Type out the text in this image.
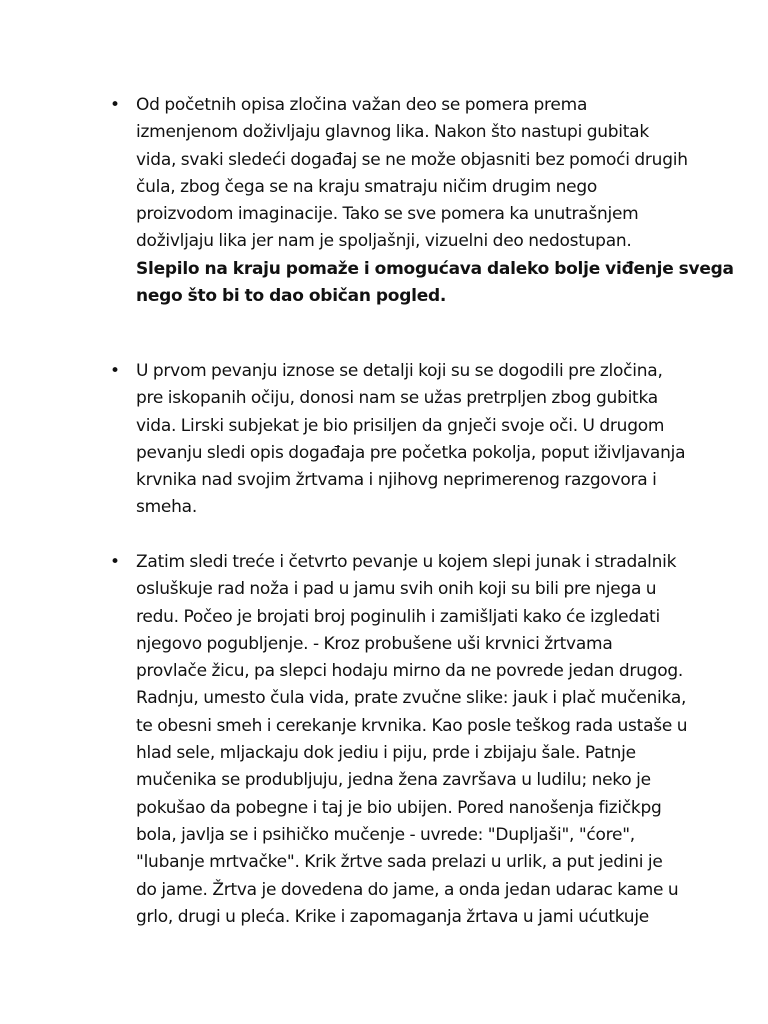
• Od početnih opisa zločina važan deo se pomera prema
izmenjenom doživljaju glavnog lika. Nakon što nastupi gubitak
vida, svaki sledeći događaj se ne može objasniti bez pomoći drugih
čula, zbog čega se na kraju smatraju ničim drugim nego
proizvodom imaginacije. Tako se sve pomera ka unutrašnjem
doživljaju lika jer nam je spoljašnji, vizuelni deo nedostupan.
Slepilo na kraju pomaže i omogućava daleko bolje viđenje svega
nego što bi to dao običan pogled.
• U prvom pevanju iznose se detalji koji su se dogodili pre zločina,
pre iskopanih očiju, donosi nam se užas pretrpljen zbog gubitka
vida. Lirski subjekat je bio prisiljen da gnječi svoje oči. U drugom
pevanju sledi opis događaja pre početka pokolja, poput iživljavanja
krvnika nad svojim žrtvama i njihovg neprimerenog razgovora i
smeha.
• Zatim sledi treće i četvrto pevanje u kojem slepi junak i stradalnik
osluškuje rad noža i pad u jamu svih onih koji su bili pre njega u
redu. Počeo je brojati broj poginulih i zamišljati kako će izgledati
njegovo pogubljenje. - Kroz probušene uši krvnici žrtvama
provlače žicu, pa slepci hodaju mirno da ne povrede jedan drugog.
Radnju, umesto čula vida, prate zvučne slike: jauk i plač mučenika,
te obesni smeh i cerekanje krvnika. Kao posle teškog rada ustaše u
hlad sele, mljackaju dok jediu i piju, prde i zbijaju šale. Patnje
mučenika se produbljuju, jedna žena završava u ludilu; neko je
pokušao da pobegne i taj je bio ubijen. Pored nanošenja fizičkpg
bola, javlja se i psihičko mučenje - uvrede: "Dupljaši", "ćore",
"lubanje mrtvačke". Krik žrtve sada prelazi u urlik, a put jedini je
do jame. Žrtva je dovedena do jame, a onda jedan udarac kame u
grlo, drugi u pleća. Krike i zapomaganja žrtava u jami ućutkuje
